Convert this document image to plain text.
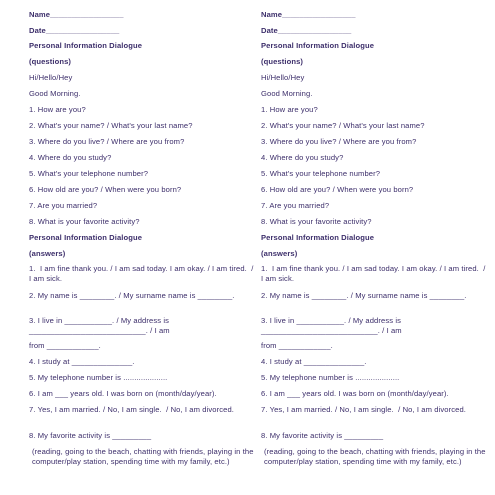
Name_________________
Date_________________
Personal Information Dialogue
(questions)
Hi/Hello/Hey
Good Morning.
1. How are you?
2. What's your name? / What's your last name?
3. Where do you live? / Where are you from?
4. Where do you study?
5. What's your telephone number?
6. How old are you? / When were you born?
7. Are you married?
8. What is your favorite activity?
Personal Information Dialogue
(answers)
1.  I am fine thank you. / I am sad today. I am okay. / I am tired.  / I am sick.
2. My name is ________. / My surname name is ________.
3. I live in ___________. / My address is ___________________________. / I am
from ____________.
4. I study at ______________.
5. My telephone number is ....................
6. I am ___ years old. I was born on (month/day/year).
7. Yes, I am married. / No, I am single.  / No, I am divorced.
8. My favorite activity is _________
(reading, going to the beach, chatting with friends, playing in the computer/play station, spending time with my family, etc.)
Name_________________
Date_________________
Personal Information Dialogue
(questions)
Hi/Hello/Hey
Good Morning.
1. How are you?
2. What's your name? / What's your last name?
3. Where do you live? / Where are you from?
4. Where do you study?
5. What's your telephone number?
6. How old are you? / When were you born?
7. Are you married?
8. What is your favorite activity?
Personal Information Dialogue
(answers)
1.  I am fine thank you. / I am sad today. I am okay. / I am tired.  / I am sick.
2. My name is ________. / My surname name is ________.
3. I live in ___________. / My address is ___________________________. / I am
from ____________.
4. I study at ______________.
5. My telephone number is ....................
6. I am ___ years old. I was born on (month/day/year).
7. Yes, I am married. / No, I am single.  / No, I am divorced.
8. My favorite activity is _________
(reading, going to the beach, chatting with friends, playing in the computer/play station, spending time with my family, etc.)
